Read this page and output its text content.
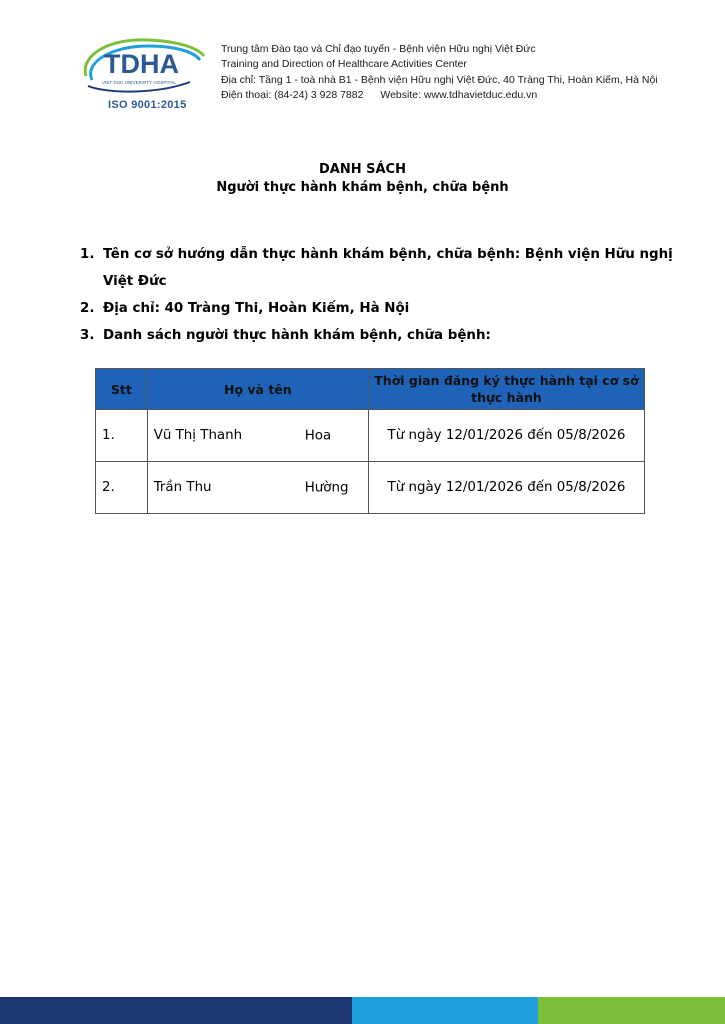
TDHA
VIET DUC UNIVERSITY HOSPITAL
ISO 9001:2015
Trung tâm Đào tạo và Chỉ đạo tuyến - Bệnh viện Hữu nghị Việt Đức
Training and Direction of Healthcare Activities Center
Địa chỉ: Tầng 1 - toà nhà B1 - Bệnh viện Hữu nghị Việt Đức, 40 Tràng Thi, Hoàn Kiếm, Hà Nội
Điện thoại: (84-24) 3 928 7882 Website: www.tdhavietduc.edu.vn
DANH SÁCH
Người thực hành khám bệnh, chữa bệnh
1. Tên cơ sở hướng dẫn thực hành khám bệnh, chữa bệnh: Bệnh viện Hữu nghị Việt Đức
2. Địa chỉ: 40 Tràng Thi, Hoàn Kiếm, Hà Nội
3. Danh sách người thực hành khám bệnh, chữa bệnh:
Stt	Họ và tên	Thời gian đăng ký thực hành tại cơ sở thực hành
1.	Vũ Thị Thanh Hoa	Từ ngày 12/01/2026 đến 05/8/2026
2.	Trần Thu Hường	Từ ngày 12/01/2026 đến 05/8/2026
